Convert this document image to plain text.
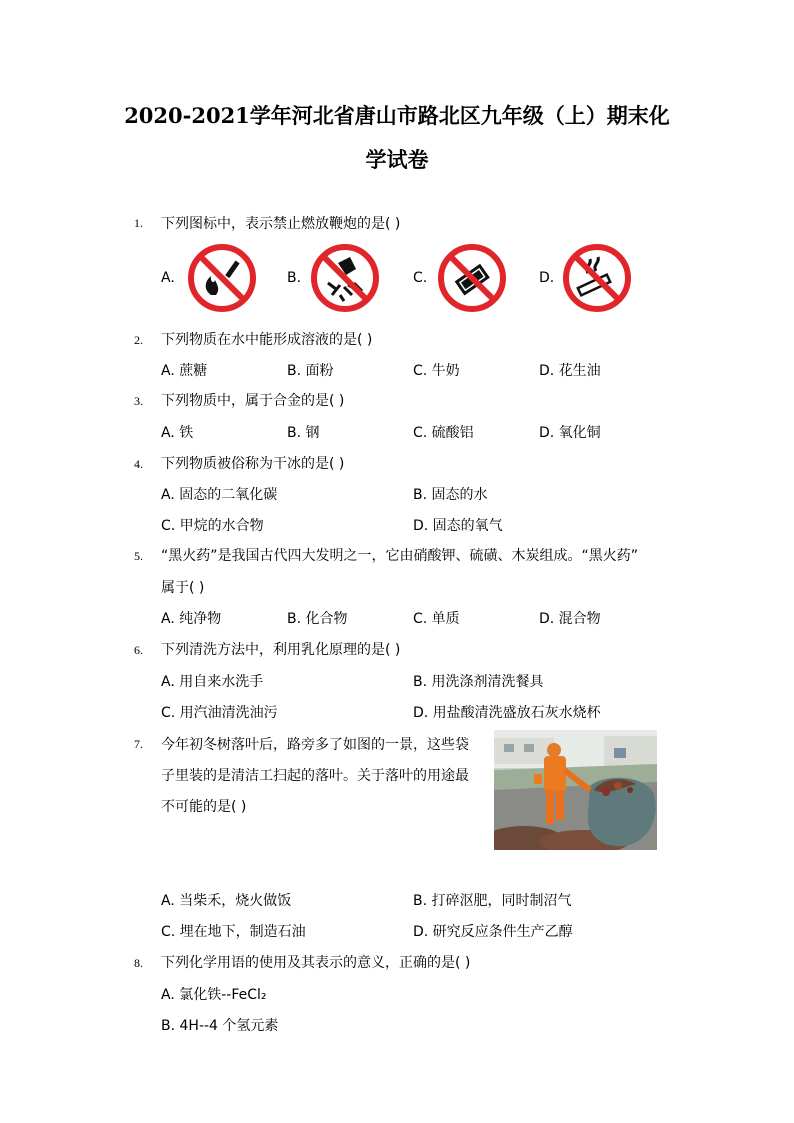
2020-2021学年河北省唐山市路北区九年级（上）期末化
学试卷
1. 下列图标中，表示禁止燃放鞭炮的是( )
A.	B.	C.	D.
2. 下列物质在水中能形成溶液的是( )
A. 蔗糖	B. 面粉	C. 牛奶	D. 花生油
3. 下列物质中，属于合金的是( )
A. 铁	B. 钢	C. 硫酸铝	D. 氧化铜
4. 下列物质被俗称为干冰的是( )
A. 固态的二氧化碳	B. 固态的水
C. 甲烷的水合物	D. 固态的氧气
5. “黑火药”是我国古代四大发明之一，它由硝酸钾、硫磺、木炭组成。“黑火药”
属于( )
A. 纯净物	B. 化合物	C. 单质	D. 混合物
6. 下列清洗方法中，利用乳化原理的是( )
A. 用自来水洗手	B. 用洗涤剂清洗餐具
C. 用汽油清洗油污	D. 用盐酸清洗盛放石灰水烧杯
7. 今年初冬树落叶后，路旁多了如图的一景，这些袋
子里装的是清洁工扫起的落叶。关于落叶的用途最
不可能的是( )
A. 当柴禾，烧火做饭	B. 打碎沤肥，同时制沼气
C. 埋在地下，制造石油	D. 研究反应条件生产乙醇
8. 下列化学用语的使用及其表示的意义，正确的是( )
A. 氯化铁--FeCl₂
B. 4H--4 个氢元素
